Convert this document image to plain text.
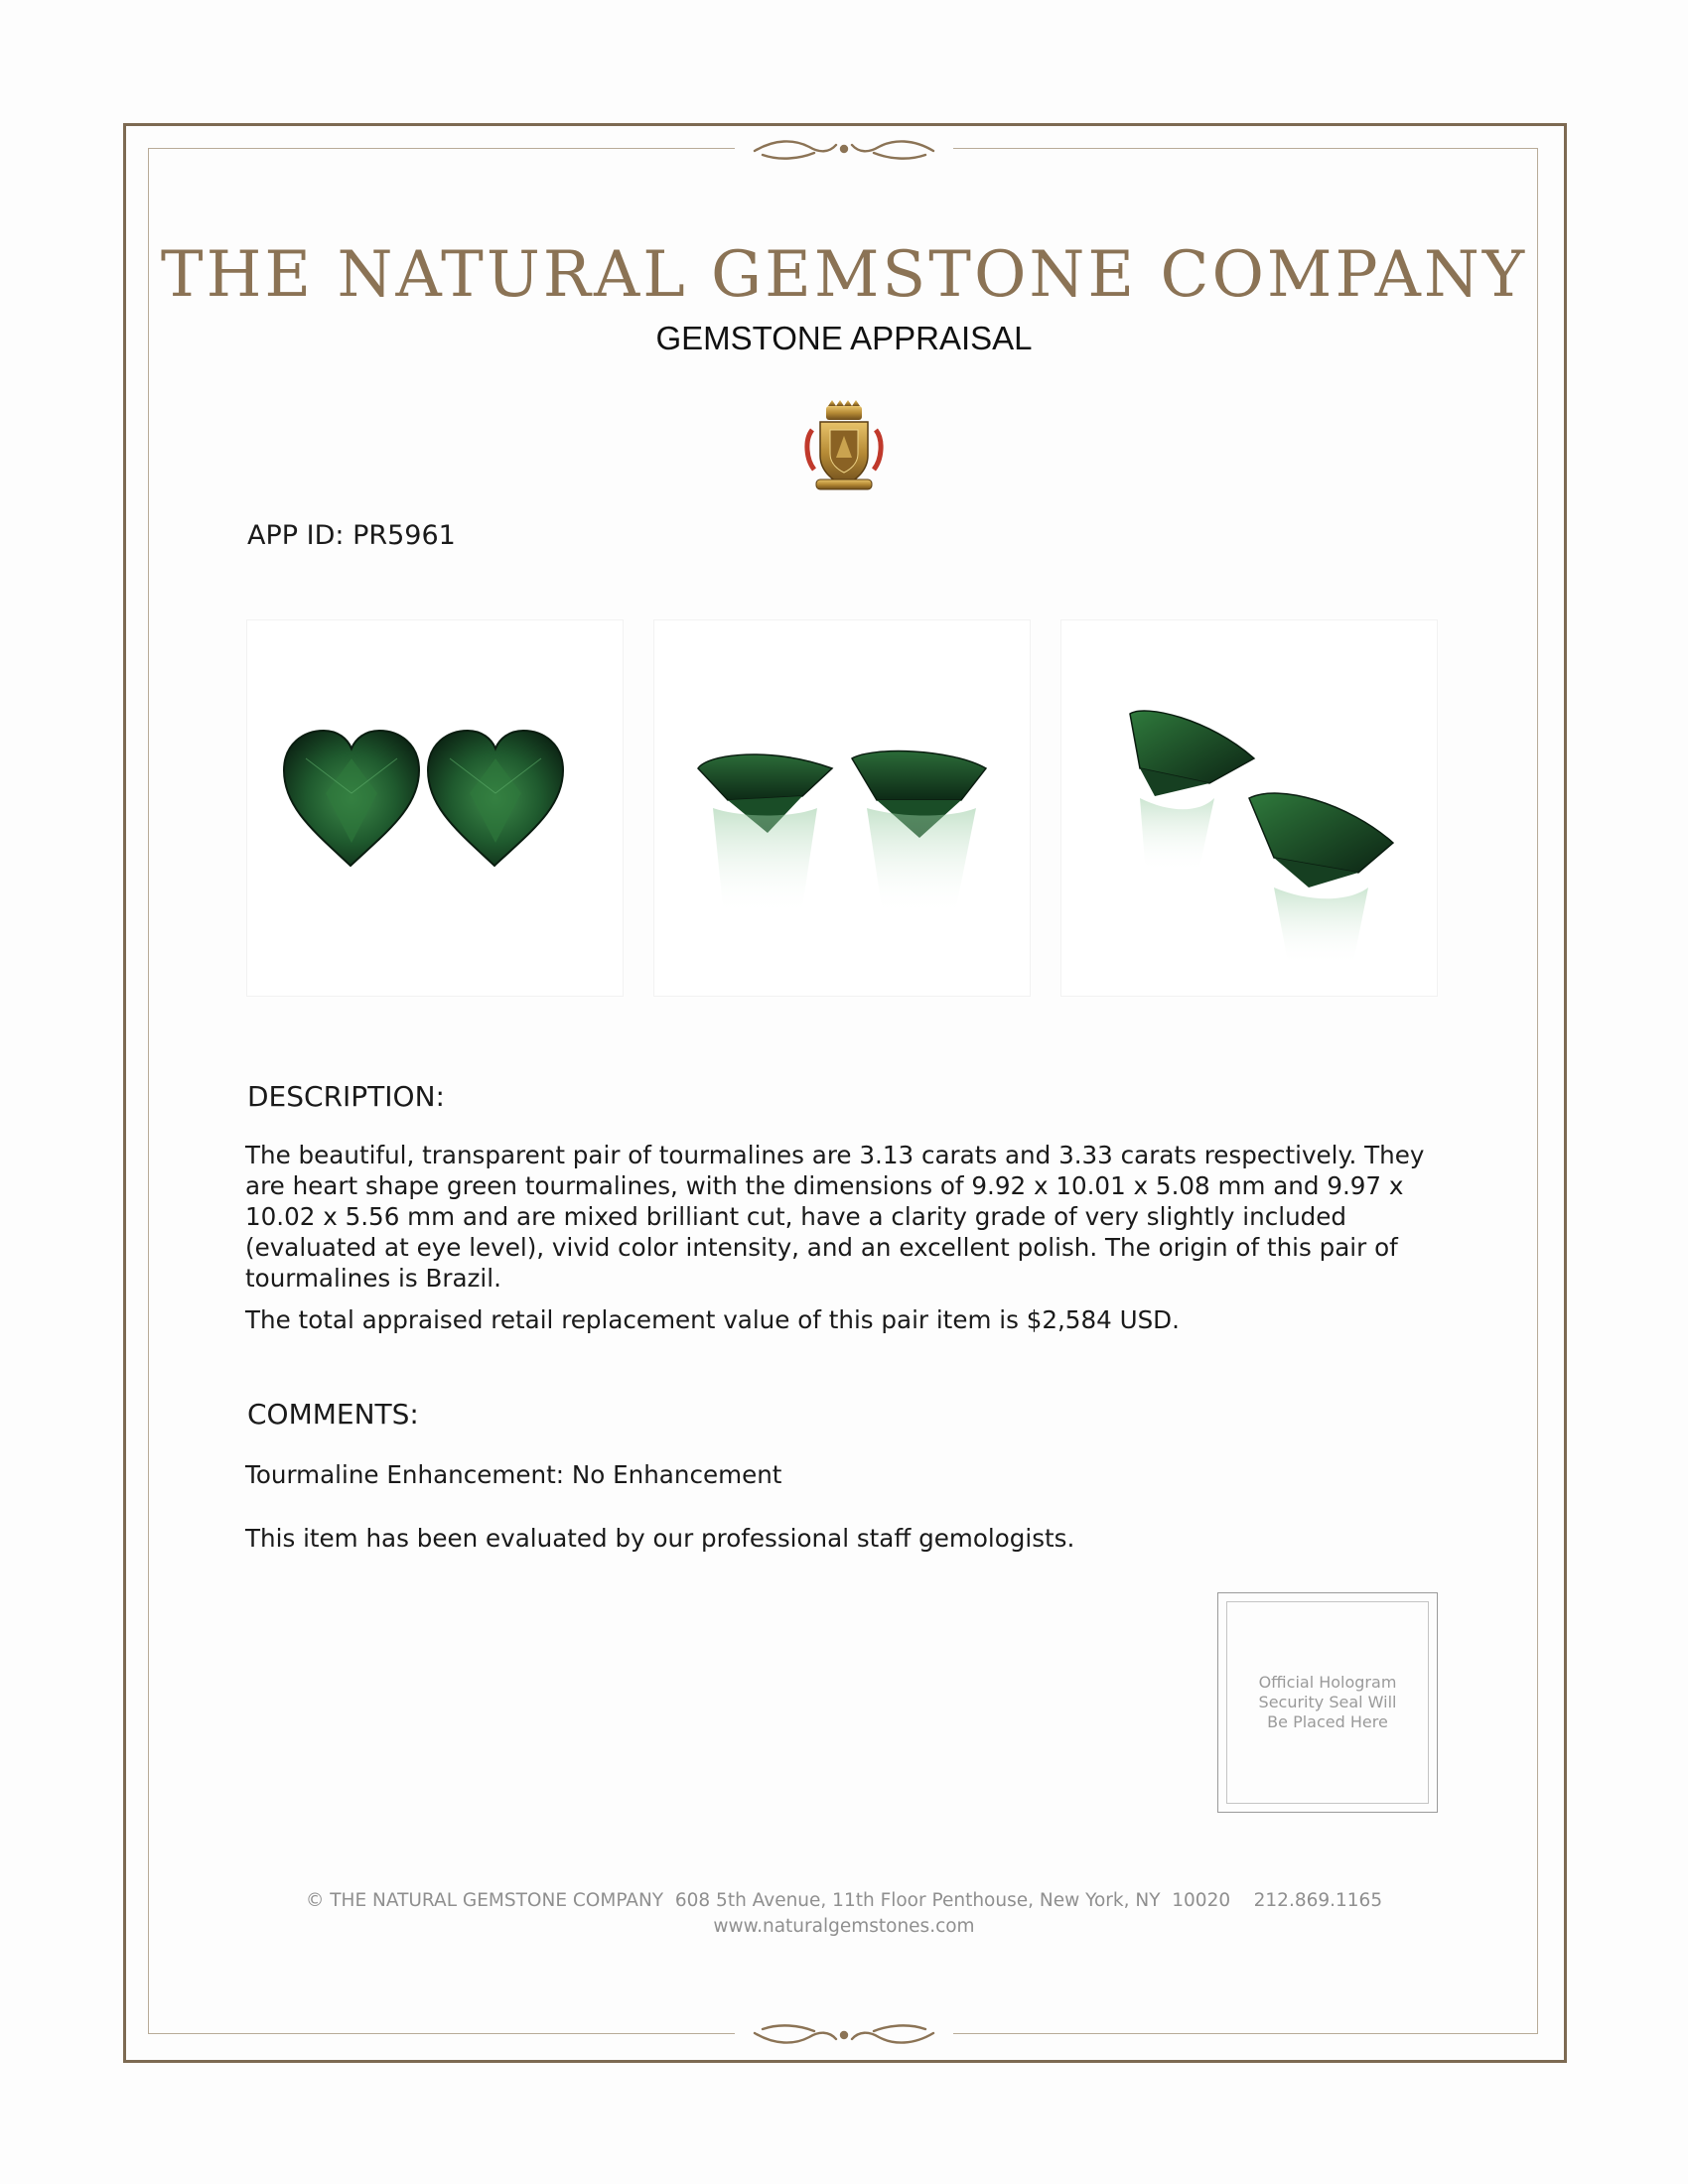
THE NATURAL GEMSTONE COMPANY
GEMSTONE APPRAISAL
APP ID: PR5961
DESCRIPTION:
The beautiful, transparent pair of tourmalines are 3.13 carats and 3.33 carats respectively. They are heart shape green tourmalines, with the dimensions of 9.92 x 10.01 x 5.08 mm and 9.97 x 10.02 x 5.56 mm and are mixed brilliant cut, have a clarity grade of very slightly included (evaluated at eye level), vivid color intensity, and an excellent polish. The origin of this pair of tourmalines is Brazil.
The total appraised retail replacement value of this pair item is $2,584 USD.
COMMENTS:
Tourmaline Enhancement: No Enhancement
This item has been evaluated by our professional staff gemologists.
Official Hologram Security Seal Will Be Placed Here
© THE NATURAL GEMSTONE COMPANY  608 5th Avenue, 11th Floor Penthouse, New York, NY  10020    212.869.1165
www.naturalgemstones.com
